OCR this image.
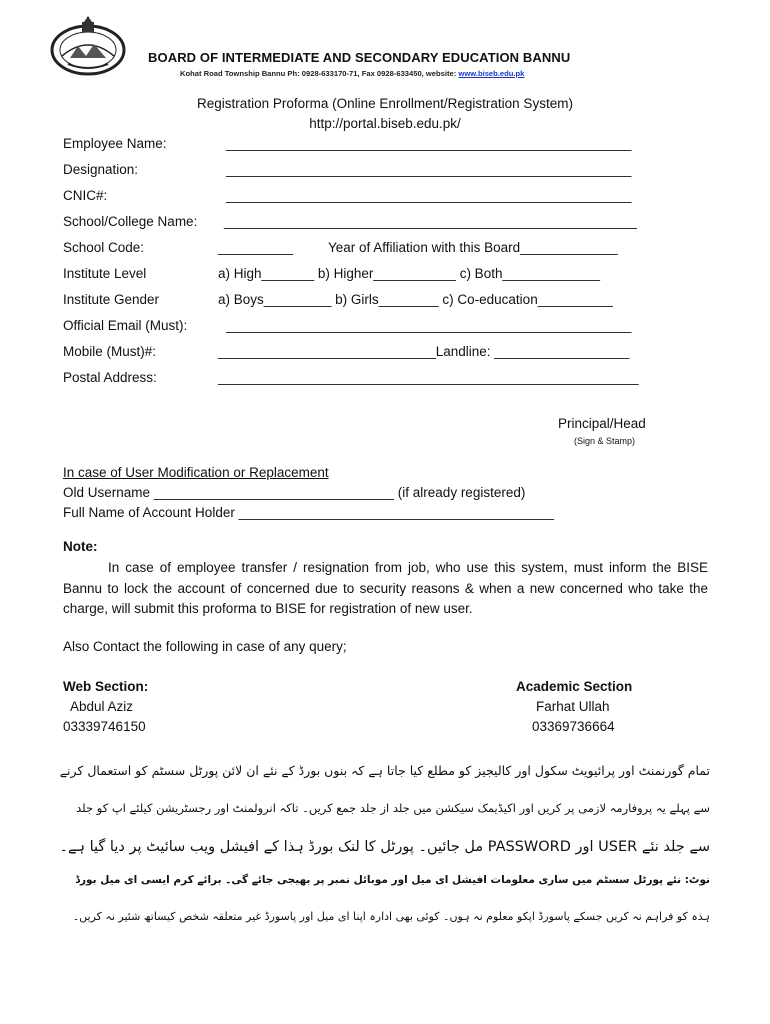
BOARD OF INTERMEDIATE AND SECONDARY EDUCATION BANNU
Kohat Road Township Bannu Ph: 0928-633170-71, Fax 0928-633450, website: www.biseb.edu.pk
Registration Proforma (Online Enrollment/Registration System)
http://portal.biseb.edu.pk/
Employee Name:	______________________________________________________
Designation:	______________________________________________________
CNIC#:	______________________________________________________
School/College Name: _______________________________________________________
School Code:	__________	Year of Affiliation with this Board_____________
Institute Level	a) High_______ b) Higher___________ c) Both_____________
Institute Gender	a) Boys_________ b) Girls________ c) Co-education__________
Official Email (Must):	______________________________________________________
Mobile (Must)#:	_____________________________Landline: __________________
Postal Address:	________________________________________________________
Principal/Head
(Sign & Stamp)
In case of User Modification or Replacement
Old Username ________________________________ (if already registered)
Full Name of Account Holder __________________________________________
Note:

In case of employee transfer / resignation from job, who use this system, must inform the BISE Bannu to lock the account of concerned due to security reasons & when a new concerned who take the charge, will submit this proforma to BISE for registration of new user.

Also Contact the following in case of any query;
Web Section:
Abdul Aziz
03339746150
Academic Section
Farhat Ullah
03369736664
تمام گورنمنٹ اور پرائیویٹ سکول اور کالیجیز کو مطلع کیا جاتا ہے کہ بنوں بورڈ کے نئے ان لائن پورٹل سسٹم کو استعمال کرنے
سے پہلے یہ پروفارمہ لازمی پر کریں اور اکیڈیمک سیکشن میں جلد از جلد جمع کریں۔ تاکہ انرولمنٹ اور رجسٹریشن کیلئے اپ کو جلد
سے جلد نئے USER اور PASSWORD مل جائیں۔ پورٹل کا لنک بورڈ ہذا کے افیشل ویب سائیٹ پر دیا گیا ہے۔
نوٹ: نئے پورٹل سسٹم میں ساری معلومات افیشل ای میل اور موبائل نمبر پر بھیجی جائے گی۔ برائے کرم ایسی ای میل بورڈ
ہذہ کو فراہم نہ کریں جسکے پاسورڈ اپکو معلوم نہ ہوں۔ کوئی بھی ادارہ اپنا ای میل اور پاسورڈ غیر متعلقہ شخص کیساتھ شئیر نہ کریں۔
